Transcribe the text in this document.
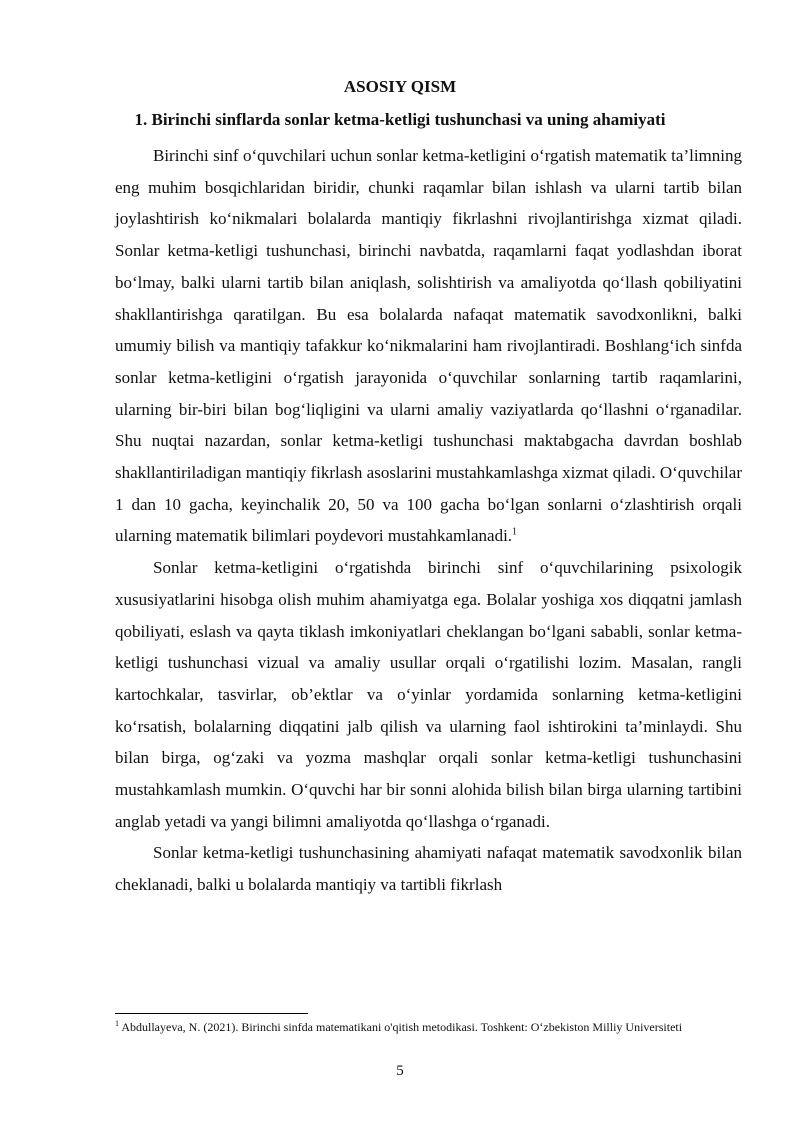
ASOSIY QISM
1. Birinchi sinflarda sonlar ketma-ketligi tushunchasi va uning ahamiyati

Birinchi sinf o‘quvchilari uchun sonlar ketma-ketligini o‘rgatish matematik ta’limning eng muhim bosqichlaridan biridir, chunki raqamlar bilan ishlash va ularni tartib bilan joylashtirish ko‘nikmalari bolalarda mantiqiy fikrlashni rivojlantirishga xizmat qiladi. Sonlar ketma-ketligi tushunchasi, birinchi navbatda, raqamlarni faqat yodlashdan iborat bo‘lmay, balki ularni tartib bilan aniqlash, solishtirish va amaliyotda qo‘llash qobiliyatini shakllantirishga qaratilgan. Bu esa bolalarda nafaqat matematik savodxonlikni, balki umumiy bilish va mantiqiy tafakkur ko‘nikmalarini ham rivojlantiradi. Boshlang‘ich sinfda sonlar ketma-ketligini o‘rgatish jarayonida o‘quvchilar sonlarning tartib raqamlarini, ularning bir-biri bilan bog‘liqligini va ularni amaliy vaziyatlarda qo‘llashni o‘rganadilar. Shu nuqtai nazardan, sonlar ketma-ketligi tushunchasi maktabgacha davrdan boshlab shakllantiriladigan mantiqiy fikrlash asoslarini mustahkamlashga xizmat qiladi. O‘quvchilar 1 dan 10 gacha, keyinchalik 20, 50 va 100 gacha bo‘lgan sonlarni o‘zlashtirish orqali ularning matematik bilimlari poydevori mustahkamlanadi.$^1$

Sonlar ketma-ketligini o‘rgatishda birinchi sinf o‘quvchilarining psixologik xususiyatlarini hisobga olish muhim ahamiyatga ega. Bolalar yoshiga xos diqqatni jamlash qobiliyati, eslash va qayta tiklash imkoniyatlari cheklangan bo‘lgani sababli, sonlar ketma-ketligi tushunchasi vizual va amaliy usullar orqali o‘rgatilishi lozim. Masalan, rangli kartochkalar, tasvirlar, ob’ektlar va o‘yinlar yordamida sonlarning ketma-ketligini ko‘rsatish, bolalarning diqqatini jalb qilish va ularning faol ishtirokini ta’minlaydi. Shu bilan birga, og‘zaki va yozma mashqlar orqali sonlar ketma-ketligi tushunchasini mustahkamlash mumkin. O‘quvchi har bir sonni alohida bilish bilan birga ularning tartibini anglab yetadi va yangi bilimni amaliyotda qo‘llashga o‘rganadi.

Sonlar ketma-ketligi tushunchasining ahamiyati nafaqat matematik savodxonlik bilan cheklanadi, balki u bolalarda mantiqiy va tartibli fikrlash

$^1$ Abdullayeva, N. (2021). Birinchi sinfda matematikani o'qitish metodikasi. Toshkent: O‘zbekiston Milliy Universiteti
5
